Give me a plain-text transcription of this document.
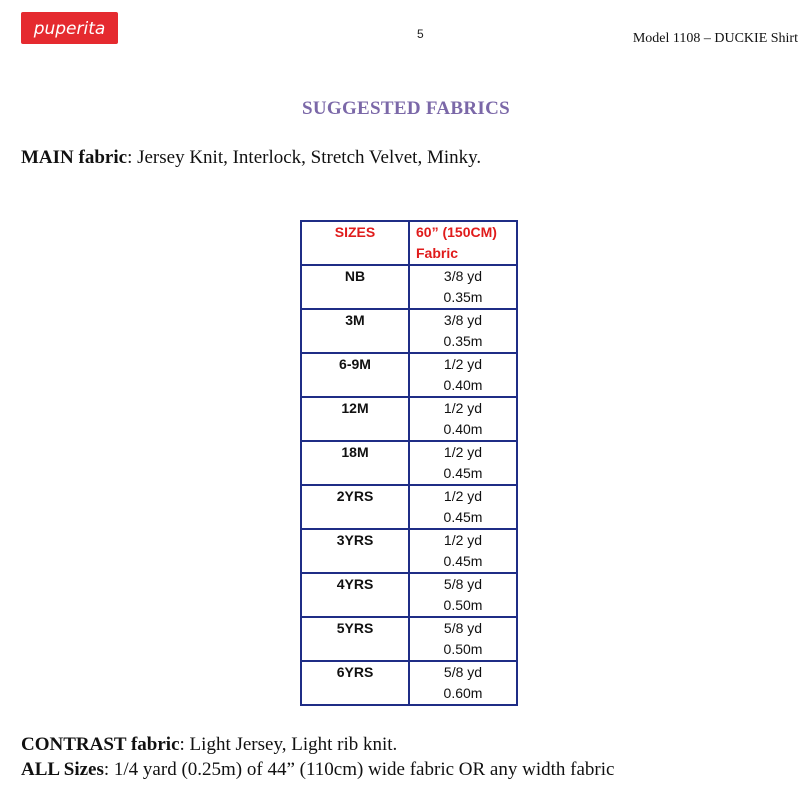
puperita	5	Model 1108 – DUCKIE Shirt
SUGGESTED FABRICS
MAIN fabric: Jersey Knit, Interlock, Stretch Velvet, Minky.
SIZES	60” (150CM)
Fabric

NB	3/8 yd
0.35m

3M	3/8 yd
0.35m

6-9M	1/2 yd
0.40m

12M	1/2 yd
0.40m

18M	1/2 yd
0.45m

2YRS	1/2 yd
0.45m

3YRS	1/2 yd
0.45m

4YRS	5/8 yd
0.50m

5YRS	5/8 yd
0.50m

6YRS	5/8 yd
0.60m
CONTRAST fabric: Light Jersey, Light rib knit.
ALL Sizes: 1/4 yard (0.25m) of 44” (110cm) wide fabric OR any width fabric
